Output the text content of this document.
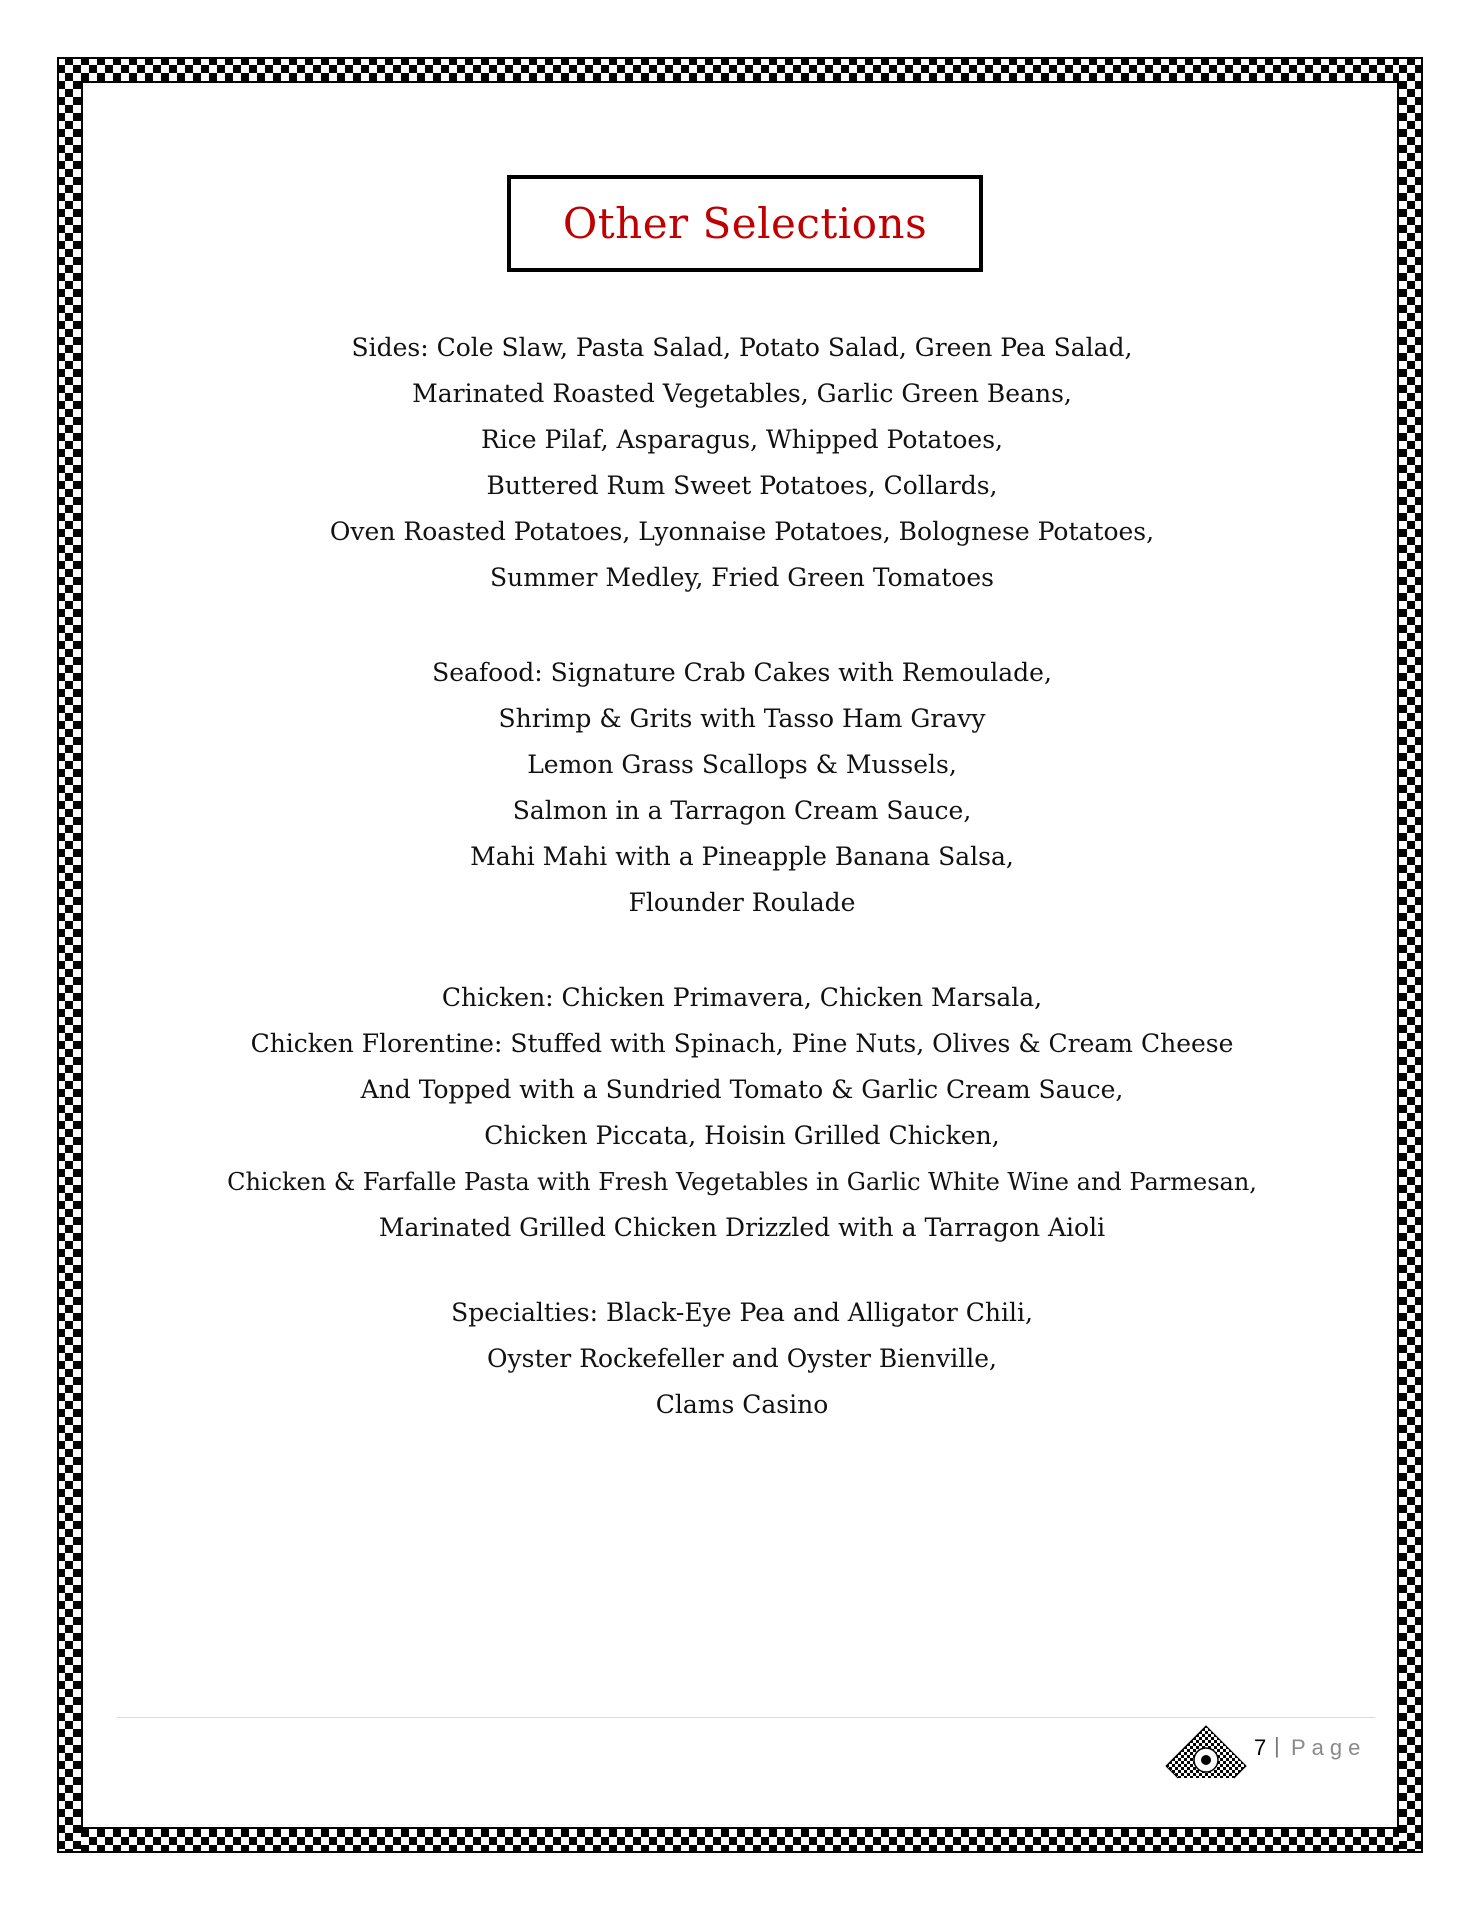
Other Selections
Sides: Cole Slaw, Pasta Salad, Potato Salad, Green Pea Salad,
Marinated Roasted Vegetables, Garlic Green Beans,
Rice Pilaf, Asparagus, Whipped Potatoes,
Buttered Rum Sweet Potatoes, Collards,
Oven Roasted Potatoes, Lyonnaise Potatoes, Bolognese Potatoes,
Summer Medley, Fried Green Tomatoes
Seafood: Signature Crab Cakes with Remoulade,
Shrimp & Grits with Tasso Ham Gravy
Lemon Grass Scallops & Mussels,
Salmon in a Tarragon Cream Sauce,
Mahi Mahi with a Pineapple Banana Salsa,
Flounder Roulade
Chicken: Chicken Primavera, Chicken Marsala,
Chicken Florentine: Stuffed with Spinach, Pine Nuts, Olives & Cream Cheese
And Topped with a Sundried Tomato & Garlic Cream Sauce,
Chicken Piccata, Hoisin Grilled Chicken,
Chicken & Farfalle Pasta with Fresh Vegetables in Garlic White Wine and Parmesan,
Marinated Grilled Chicken Drizzled with a Tarragon Aioli
Specialties: Black-Eye Pea and Alligator Chili,
Oyster Rockefeller and Oyster Bienville,
Clams Casino
7 | Page
